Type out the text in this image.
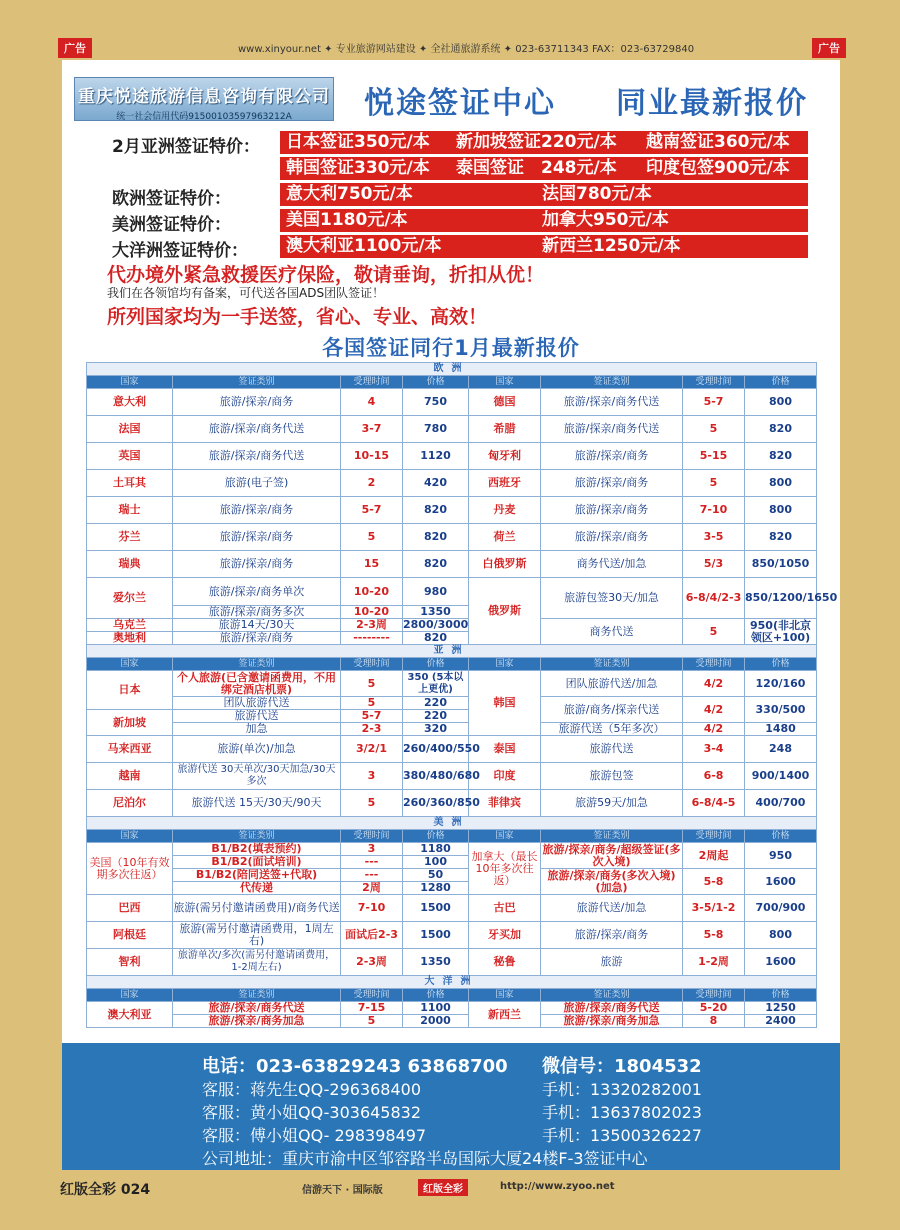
广告	www.xinyour.net ✦ 专业旅游网站建设 ✦ 全社通旅游系统 ✦ 023-63711343 FAX：023-63729840	广告
重庆悦途旅游信息咨询有限公司
统一社会信用代码91500103597963212A	悦途签证中心 同业最新报价
2月亚洲签证特价： 日本签证350元/本 新加坡签证220元/本 越南签证360元/本
韩国签证330元/本 泰国签证　248元/本 印度包签900元/本
欧洲签证特价：	意大利750元/本	法国780元/本
美洲签证特价：	美国1180元/本	加拿大950元/本
大洋洲签证特价： 澳大利亚1100元/本	新西兰1250元/本
代办境外紧急救援医疗保险，敬请垂询，折扣从优！
我们在各领馆均有备案，可代送各国ADS团队签证！
所列国家均为一手送签，省心、专业、高效！
各国签证同行1月最新报价
欧洲							
国家	签证类别	受理时间	价格	国家	签证类别	受理时间	价格
意大利	旅游/探亲/商务	4	750	德国	旅游/探亲/商务代送	5-7	800
法国	旅游/探亲/商务代送	3-7	780	希腊	旅游/探亲/商务代送	5	820
英国	旅游/探亲/商务代送	10-15	1120	匈牙利	旅游/探亲/商务	5-15	820
土耳其	旅游(电子签)	2	420	西班牙	旅游/探亲/商务	5	800
瑞士	旅游/探亲/商务	5-7	820	丹麦	旅游/探亲/商务	7-10	800
芬兰	旅游/探亲/商务	5	820	荷兰	旅游/探亲/商务	3-5	820
瑞典	旅游/探亲/商务	15	820	白俄罗斯	商务代送/加急	5/3	850/1050
爱尔兰	旅游/探亲/商务单次	10-20	980	俄罗斯	旅游包签30天/加急	6-8/4/2-3	850/1200/1650
	旅游/探亲/商务多次	10-20	1350				
乌克兰	旅游14天/30天	2-3周	2800/3000		商务代送	5	950(非北京领区+100)
奥地利	旅游/探亲/商务	--------	820				
亚洲							
国家	签证类别	受理时间	价格	国家	签证类别	受理时间	价格
日本	个人旅游(已含邀请函费用，不用绑定酒店机票)	5	350 (5本以上更优)	韩国	团队旅游代送/加急	4/2	120/160
	团队旅游代送	5	220		旅游/商务/探亲代送	4/2	330/500
新加坡	旅游代送	5-7	220				
	加急	2-3	320		旅游代送（5年多次）	4/2	1480

马来西亚	旅游(单次)/加急	3/2/1	260/400/550	泰国	旅游代送	3-4	248
越南	旅游代送 30天单次/30天加急/30天多次	3	380/480/680	印度	旅游包签	6-8	900/1400
尼泊尔	旅游代送 15天/30天/90天	5	260/360/850	菲律宾	旅游59天/加急	6-8/4-5	400/700
美洲							
国家	签证类别	受理时间	价格	国家	签证类别	受理时间	价格
美国（10年有效期多次往返）	B1/B2(填表预约)	3	1180	加拿大（最长10年多次往返）	旅游/探亲/商务/超级签证(多次入境)	2周起	950
	B1/B2(面试培训)	---	100				
	B1/B2(陪同送签+代取)	---	50		旅游/探亲/商务(多次入境)(加急)	5-8	1600
	代传递	2周	1280				
巴西	旅游(需另付邀请函费用)/商务代送	7-10	1500	古巴	旅游代送/加急	3-5/1-2	700/900
阿根廷	旅游(需另付邀请函费用，1周左右)	面试后2-3	1500	牙买加	旅游/探亲/商务	5-8	800
智利	旅游单次/多次(需另付邀请函费用，1-2周左右)	2-3周	1350	秘鲁	旅游	1-2周	1600
大洋洲							
国家	签证类别	受理时间	价格	国家	签证类别	受理时间	价格
澳大利亚	旅游/探亲/商务代送	7-15	1100	新西兰	旅游/探亲/商务代送	5-20	1250
	旅游/探亲/商务加急	5	2000		旅游/探亲/商务加急	8	2400
电话：023-63829243 63868700 微信号：1804532
客服：蒋先生QQ-296368400	手机：13320282001
客服：黄小姐QQ-303645832	手机：13637802023
客服：傅小姐QQ- 298398497	手机：13500326227
公司地址：重庆市渝中区邹容路半岛国际大厦24楼F-3签证中心
红版全彩 024	信游天下 · 国际版	红版全彩	http://www.zyoo.net
